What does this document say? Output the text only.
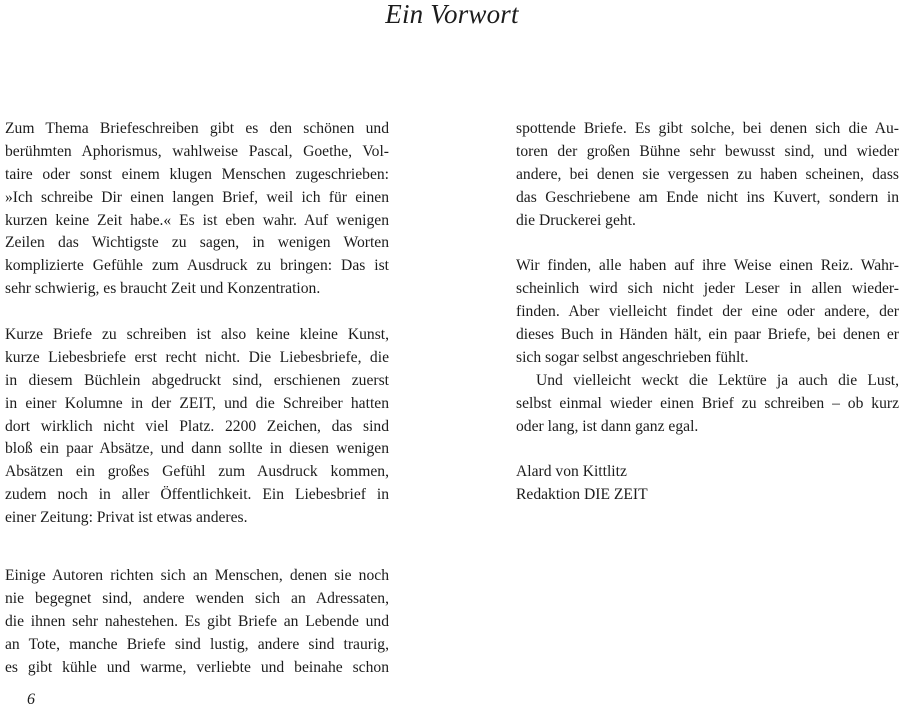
Ein Vorwort
Zum Thema Briefeschreiben gibt es den schönen und
berühmten Aphorismus, wahlweise Pascal, Goethe, Vol-
taire oder sonst einem klugen Menschen zugeschrieben:
»Ich schreibe Dir einen langen Brief, weil ich für einen
kurzen keine Zeit habe.« Es ist eben wahr. Auf wenigen
Zeilen das Wichtigste zu sagen, in wenigen Worten
komplizierte Gefühle zum Ausdruck zu bringen: Das ist
sehr schwierig, es braucht Zeit und Konzentration.
Kurze Briefe zu schreiben ist also keine kleine Kunst,
kurze Liebesbriefe erst recht nicht. Die Liebesbriefe, die
in diesem Büchlein abgedruckt sind, erschienen zuerst
in einer Kolumne in der ZEIT, und die Schreiber hatten
dort wirklich nicht viel Platz. 2200 Zeichen, das sind
bloß ein paar Absätze, und dann sollte in diesen wenigen
Absätzen ein großes Gefühl zum Ausdruck kommen,
zudem noch in aller Öffentlichkeit. Ein Liebesbrief in
einer Zeitung: Privat ist etwas anderes.
Einige Autoren richten sich an Menschen, denen sie noch
nie begegnet sind, andere wenden sich an Adressaten,
die ihnen sehr nahestehen. Es gibt Briefe an Lebende und
an Tote, manche Briefe sind lustig, andere sind traurig,
es gibt kühle und warme, verliebte und beinahe schon
spottende Briefe. Es gibt solche, bei denen sich die Au-
toren der großen Bühne sehr bewusst sind, und wieder
andere, bei denen sie vergessen zu haben scheinen, dass
das Geschriebene am Ende nicht ins Kuvert, sondern in
die Druckerei geht.
Wir finden, alle haben auf ihre Weise einen Reiz. Wahr-
scheinlich wird sich nicht jeder Leser in allen wieder-
finden. Aber vielleicht findet der eine oder andere, der
dieses Buch in Händen hält, ein paar Briefe, bei denen er
sich sogar selbst angeschrieben fühlt.
Und vielleicht weckt die Lektüre ja auch die Lust,
selbst einmal wieder einen Brief zu schreiben – ob kurz
oder lang, ist dann ganz egal.
Alard von Kittlitz
Redaktion DIE ZEIT
6
